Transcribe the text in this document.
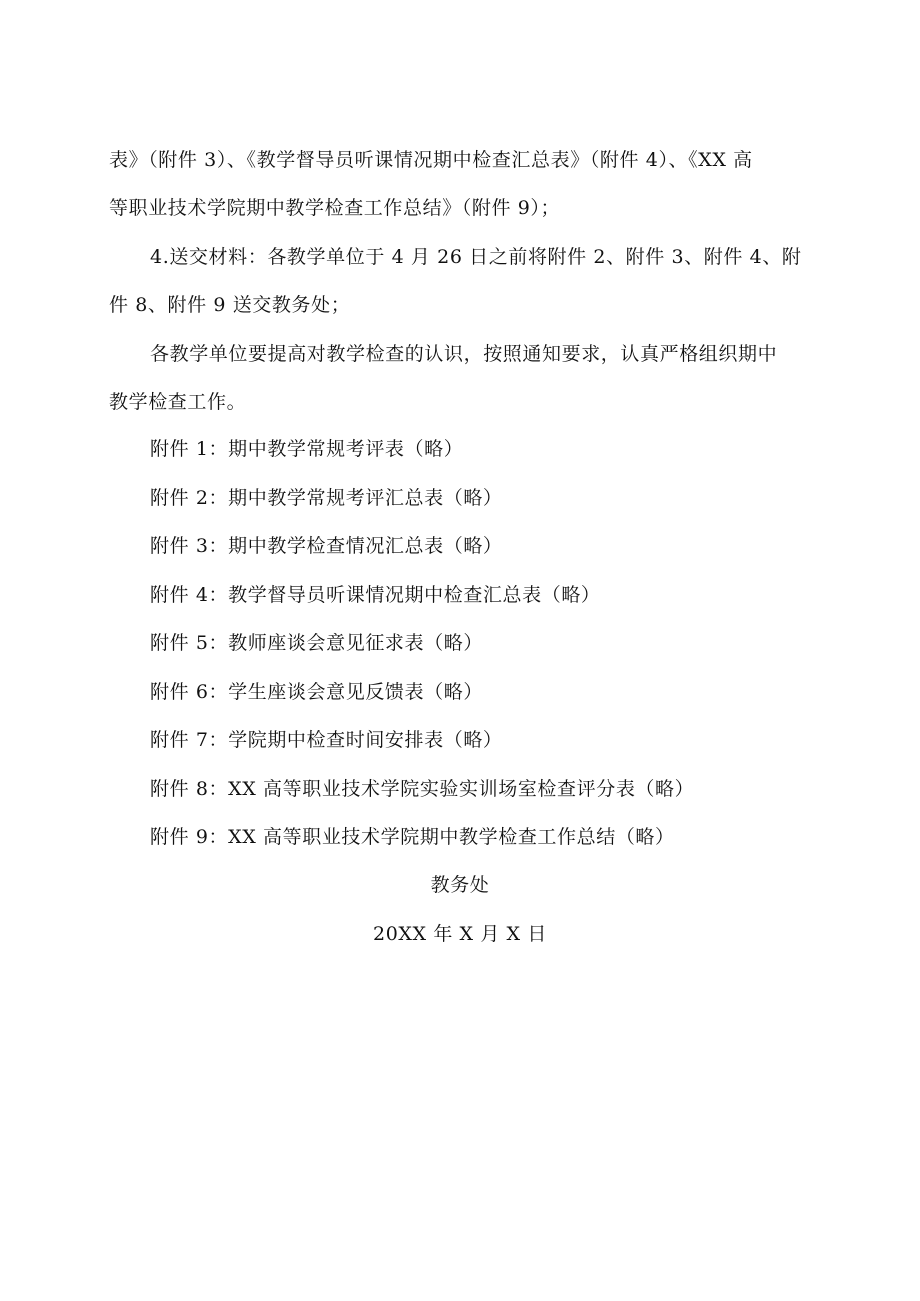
表》（附件 3）、《教学督导员听课情况期中检查汇总表》（附件 4）、《XX 高
等职业技术学院期中教学检查工作总结》（附件 9）；
4.送交材料：各教学单位于 4 月 26 日之前将附件 2、附件 3、附件 4、附
件 8、附件 9 送交教务处；
各教学单位要提高对教学检查的认识，按照通知要求，认真严格组织期中
教学检查工作。
附件 1：期中教学常规考评表（略）
附件 2：期中教学常规考评汇总表（略）
附件 3：期中教学检查情况汇总表（略）
附件 4：教学督导员听课情况期中检查汇总表（略）
附件 5：教师座谈会意见征求表（略）
附件 6：学生座谈会意见反馈表（略）
附件 7：学院期中检查时间安排表（略）
附件 8：XX 高等职业技术学院实验实训场室检查评分表（略）
附件 9：XX 高等职业技术学院期中教学检查工作总结（略）
教务处
20XX 年 X 月 X 日
